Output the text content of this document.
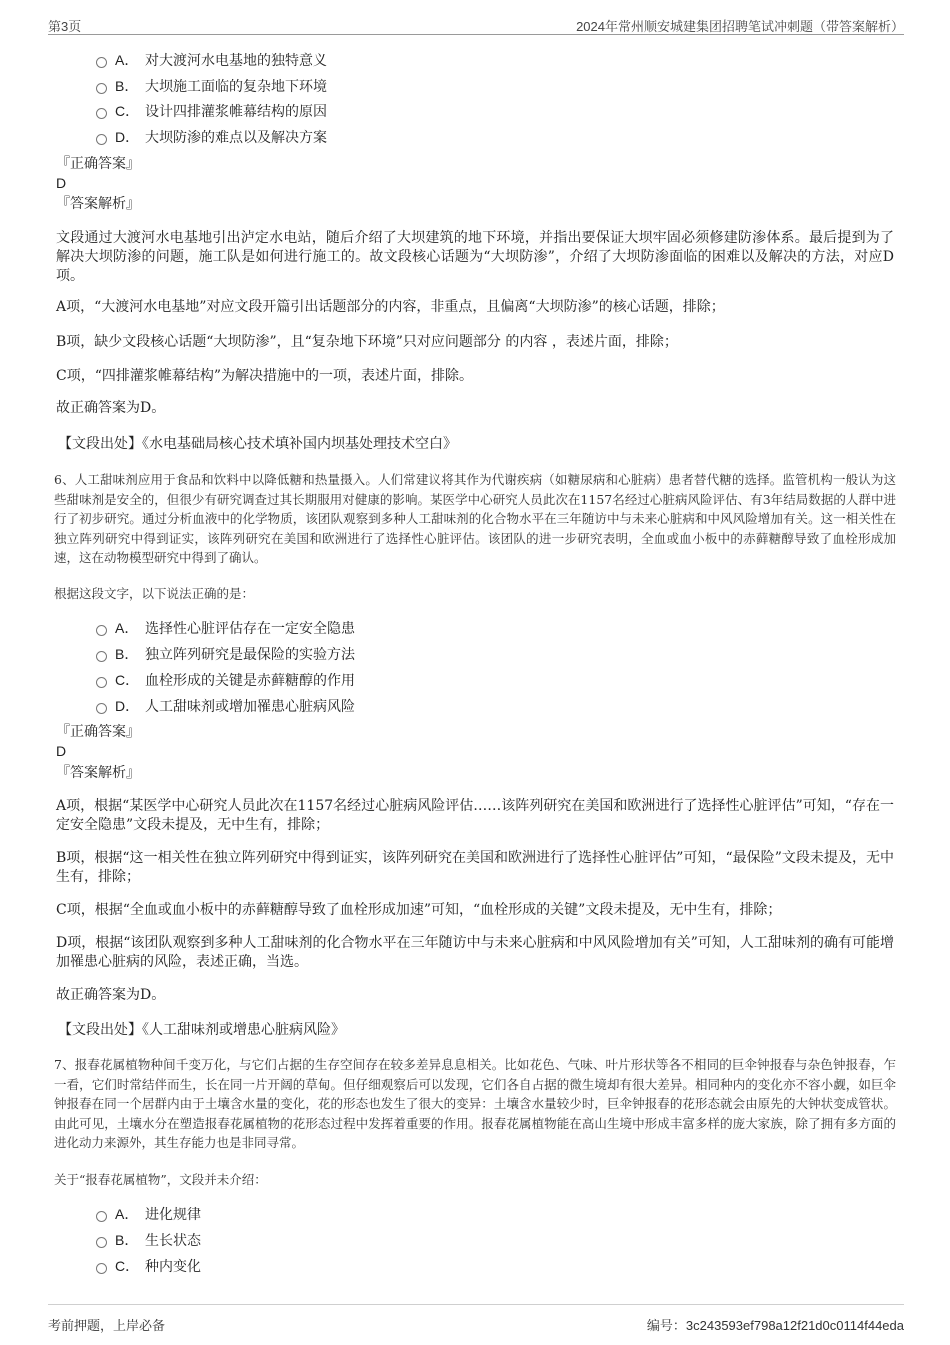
第3页	2024年常州顺安城建集团招聘笔试冲刺题（带答案解析）
A． 对大渡河水电基地的独特意义
B． 大坝施工面临的复杂地下环境
C． 设计四排灌浆帷幕结构的原因
D． 大坝防渗的难点以及解决方案
『正确答案』
D
『答案解析』
文段通过大渡河水电基地引出泸定水电站，随后介绍了大坝建筑的地下环境，并指出要保证大坝牢固必须修建防渗体系。最后提到为了解决大坝防渗的问题，施工队是如何进行施工的。故文段核心话题为“大坝防渗”，介绍了大坝防渗面临的困难以及解决的方法，对应D项。
A项，“大渡河水电基地”对应文段开篇引出话题部分的内容，非重点，且偏离“大坝防渗”的核心话题，排除；
B项，缺少文段核心话题“大坝防渗”，且“复杂地下环境”只对应问题部分 的内容 ，表述片面，排除；
C项，“四排灌浆帷幕结构”为解决措施中的一项，表述片面，排除。
故正确答案为D。
【文段出处】《水电基础局核心技术填补国内坝基处理技术空白》
6、人工甜味剂应用于食品和饮料中以降低糖和热量摄入。人们常建议将其作为代谢疾病（如糖尿病和心脏病）患者替代糖的选择。监管机构一般认为这些甜味剂是安全的，但很少有研究调查过其长期服用对健康的影响。某医学中心研究人员此次在1157名经过心脏病风险评估、有3年结局数据的人群中进行了初步研究。通过分析血液中的化学物质，该团队观察到多种人工甜味剂的化合物水平在三年随访中与未来心脏病和中风风险增加有关。这一相关性在独立阵列研究中得到证实，该阵列研究在美国和欧洲进行了选择性心脏评估。该团队的进一步研究表明，全血或血小板中的赤藓糖醇导致了血栓形成加速，这在动物模型研究中得到了确认。
根据这段文字，以下说法正确的是：
A． 选择性心脏评估存在一定安全隐患
B． 独立阵列研究是最保险的实验方法
C． 血栓形成的关键是赤藓糖醇的作用
D． 人工甜味剂或增加罹患心脏病风险
『正确答案』
D
『答案解析』
A项，根据“某医学中心研究人员此次在1157名经过心脏病风险评估……该阵列研究在美国和欧洲进行了选择性心脏评估”可知，“存在一定安全隐患”文段未提及，无中生有，排除；
B项，根据“这一相关性在独立阵列研究中得到证实，该阵列研究在美国和欧洲进行了选择性心脏评估”可知，“最保险”文段未提及，无中生有，排除；
C项，根据“全血或血小板中的赤藓糖醇导致了血栓形成加速”可知，“血栓形成的关键”文段未提及，无中生有，排除；
D项，根据“该团队观察到多种人工甜味剂的化合物水平在三年随访中与未来心脏病和中风风险增加有关”可知，人工甜味剂的确有可能增加罹患心脏病的风险，表述正确，当选。
故正确答案为D。
【文段出处】《人工甜味剂或增患心脏病风险》
7、报春花属植物种间千变万化，与它们占据的生存空间存在较多差异息息相关。比如花色、气味、叶片形状等各不相同的巨伞钟报春与杂色钟报春，乍一看，它们时常结伴而生，长在同一片开阔的草甸。但仔细观察后可以发现，它们各自占据的微生境却有很大差异。相同种内的变化亦不容小觑，如巨伞钟报春在同一个居群内由于土壤含水量的变化，花的形态也发生了很大的变异：土壤含水量较少时，巨伞钟报春的花形态就会由原先的大钟状变成管状。由此可见，土壤水分在塑造报春花属植物的花形态过程中发挥着重要的作用。报春花属植物能在高山生境中形成丰富多样的庞大家族，除了拥有多方面的进化动力来源外，其生存能力也是非同寻常。
关于“报春花属植物”，文段并未介绍：
A． 进化规律
B． 生长状态
C． 种内变化
考前押题，上岸必备	编号：3c243593ef798a12f21d0c0114f44eda
